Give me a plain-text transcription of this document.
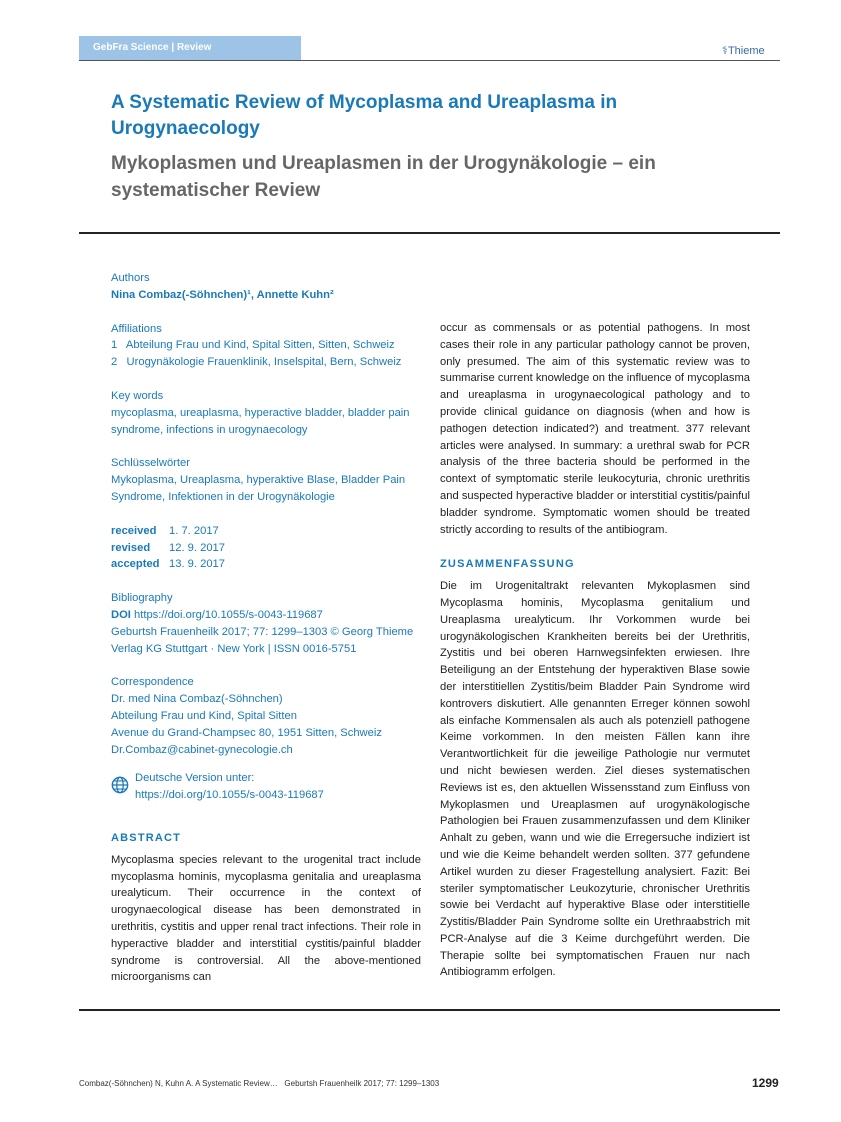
GebFra Science | Review	⚕Thieme
A Systematic Review of Mycoplasma and Ureaplasma in Urogynaecology
Mykoplasmen und Ureaplasmen in der Urogynäkologie – ein systematischer Review
Authors
Nina Combaz(-Söhnchen)¹, Annette Kuhn²
Affiliations
1   Abteilung Frau und Kind, Spital Sitten, Sitten, Schweiz
2   Urogynäkologie Frauenklinik, Inselspital, Bern, Schweiz
Key words
mycoplasma, ureaplasma, hyperactive bladder, bladder pain syndrome, infections in urogynaecology
Schlüsselwörter
Mykoplasma, Ureaplasma, hyperaktive Blase, Bladder Pain Syndrome, Infektionen in der Urogynäkologie
received	1. 7. 2017
revised	12. 9. 2017
accepted 13. 9. 2017
Bibliography
DOI https://doi.org/10.1055/s-0043-119687
Geburtsh Frauenheilk 2017; 77: 1299–1303 © Georg Thieme Verlag KG Stuttgart · New York | ISSN 0016-5751
Correspondence
Dr. med Nina Combaz(-Söhnchen)
Abteilung Frau und Kind, Spital Sitten
Avenue du Grand-Champsec 80, 1951 Sitten, Schweiz
Dr.Combaz@cabinet-gynecologie.ch
Deutsche Version unter:
https://doi.org/10.1055/s-0043-119687
ABSTRACT

Mycoplasma species relevant to the urogenital tract include mycoplasma hominis, mycoplasma genitalia and ureaplasma urealyticum. Their occurrence in the context of urogynaecological disease has been demonstrated in urethritis, cystitis and upper renal tract infections. Their role in hyperactive bladder and interstitial cystitis/painful bladder syndrome is controversial. All the above-mentioned microorganisms can

occur as commensals or as potential pathogens. In most cases their role in any particular pathology cannot be proven, only presumed. The aim of this systematic review was to summarise current knowledge on the influence of mycoplasma and ureaplasma in urogynaecological pathology and to provide clinical guidance on diagnosis (when and how is pathogen detection indicated?) and treatment. 377 relevant articles were analysed. In summary: a urethral swab for PCR analysis of the three bacteria should be performed in the context of symptomatic sterile leukocyturia, chronic urethritis and suspected hyperactive bladder or interstitial cystitis/painful bladder syndrome. Symptomatic women should be treated strictly according to results of the antibiogram.

ZUSAMMENFASSUNG

Die im Urogenitaltrakt relevanten Mykoplasmen sind Mycoplasma hominis, Mycoplasma genitalium und Ureaplasma urealyticum. Ihr Vorkommen wurde bei urogynäkologischen Krankheiten bereits bei der Urethritis, Zystitis und bei oberen Harnwegsinfekten erwiesen. Ihre Beteiligung an der Entstehung der hyperaktiven Blase sowie der interstitiellen Zystitis/beim Bladder Pain Syndrome wird kontrovers diskutiert. Alle genannten Erreger können sowohl als einfache Kommensalen als auch als potenziell pathogene Keime vorkommen. In den meisten Fällen kann ihre Verantwortlichkeit für die jeweilige Pathologie nur vermutet und nicht bewiesen werden. Ziel dieses systematischen Reviews ist es, den aktuellen Wissensstand zum Einfluss von Mykoplasmen und Ureaplasmen auf urogynäkologische Pathologien bei Frauen zusammenzufassen und dem Kliniker Anhalt zu geben, wann und wie die Erregersuche indiziert ist und wie die Keime behandelt werden sollten. 377 gefundene Artikel wurden zu dieser Fragestellung analysiert. Fazit: Bei steriler symptomatischer Leukozyturie, chronischer Urethritis sowie bei Verdacht auf hyperaktive Blase oder interstitielle Zystitis/Bladder Pain Syndrome sollte ein Urethraabstrich mit PCR-Analyse auf die 3 Keime durchgeführt werden. Die Therapie sollte bei symptomatischen Frauen nur nach Antibiogramm erfolgen.

Combaz(-Söhnchen) N, Kuhn A. A Systematic Review…   Geburtsh Frauenheilk 2017; 77: 1299–1303	1299
